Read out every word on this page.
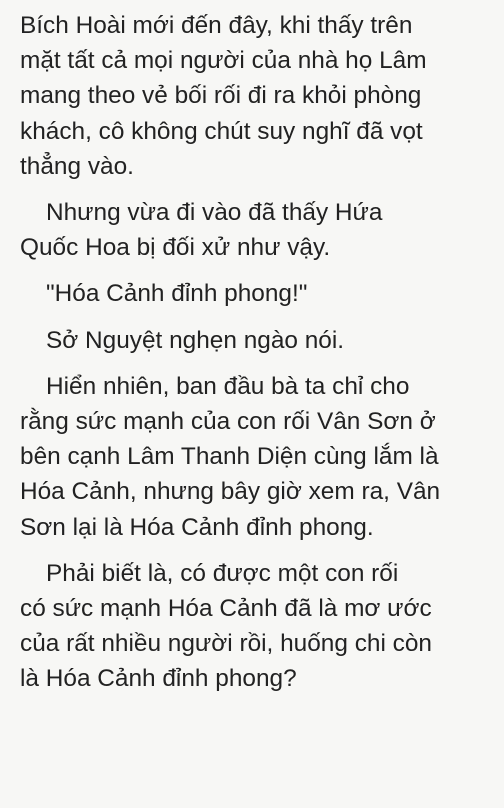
Bích Hoài mới đến đây, khi thấy trên
mặt tất cả mọi người của nhà họ Lâm
mang theo vẻ bối rối đi ra khỏi phòng
khách, cô không chút suy nghĩ đã vọt
thẳng vào.

Nhưng vừa đi vào đã thấy Hứa
Quốc Hoa bị đối xử như vậy.

"Hóa Cảnh đỉnh phong!"

Sở Nguyệt nghẹn ngào nói.

Hiển nhiên, ban đầu bà ta chỉ cho
rằng sức mạnh của con rối Vân Sơn ở
bên cạnh Lâm Thanh Diện cùng lắm là
Hóa Cảnh, nhưng bây giờ xem ra, Vân
Sơn lại là Hóa Cảnh đỉnh phong.

Phải biết là, có được một con rối
có sức mạnh Hóa Cảnh đã là mơ ước
của rất nhiều người rồi, huống chi còn
là Hóa Cảnh đỉnh phong?
